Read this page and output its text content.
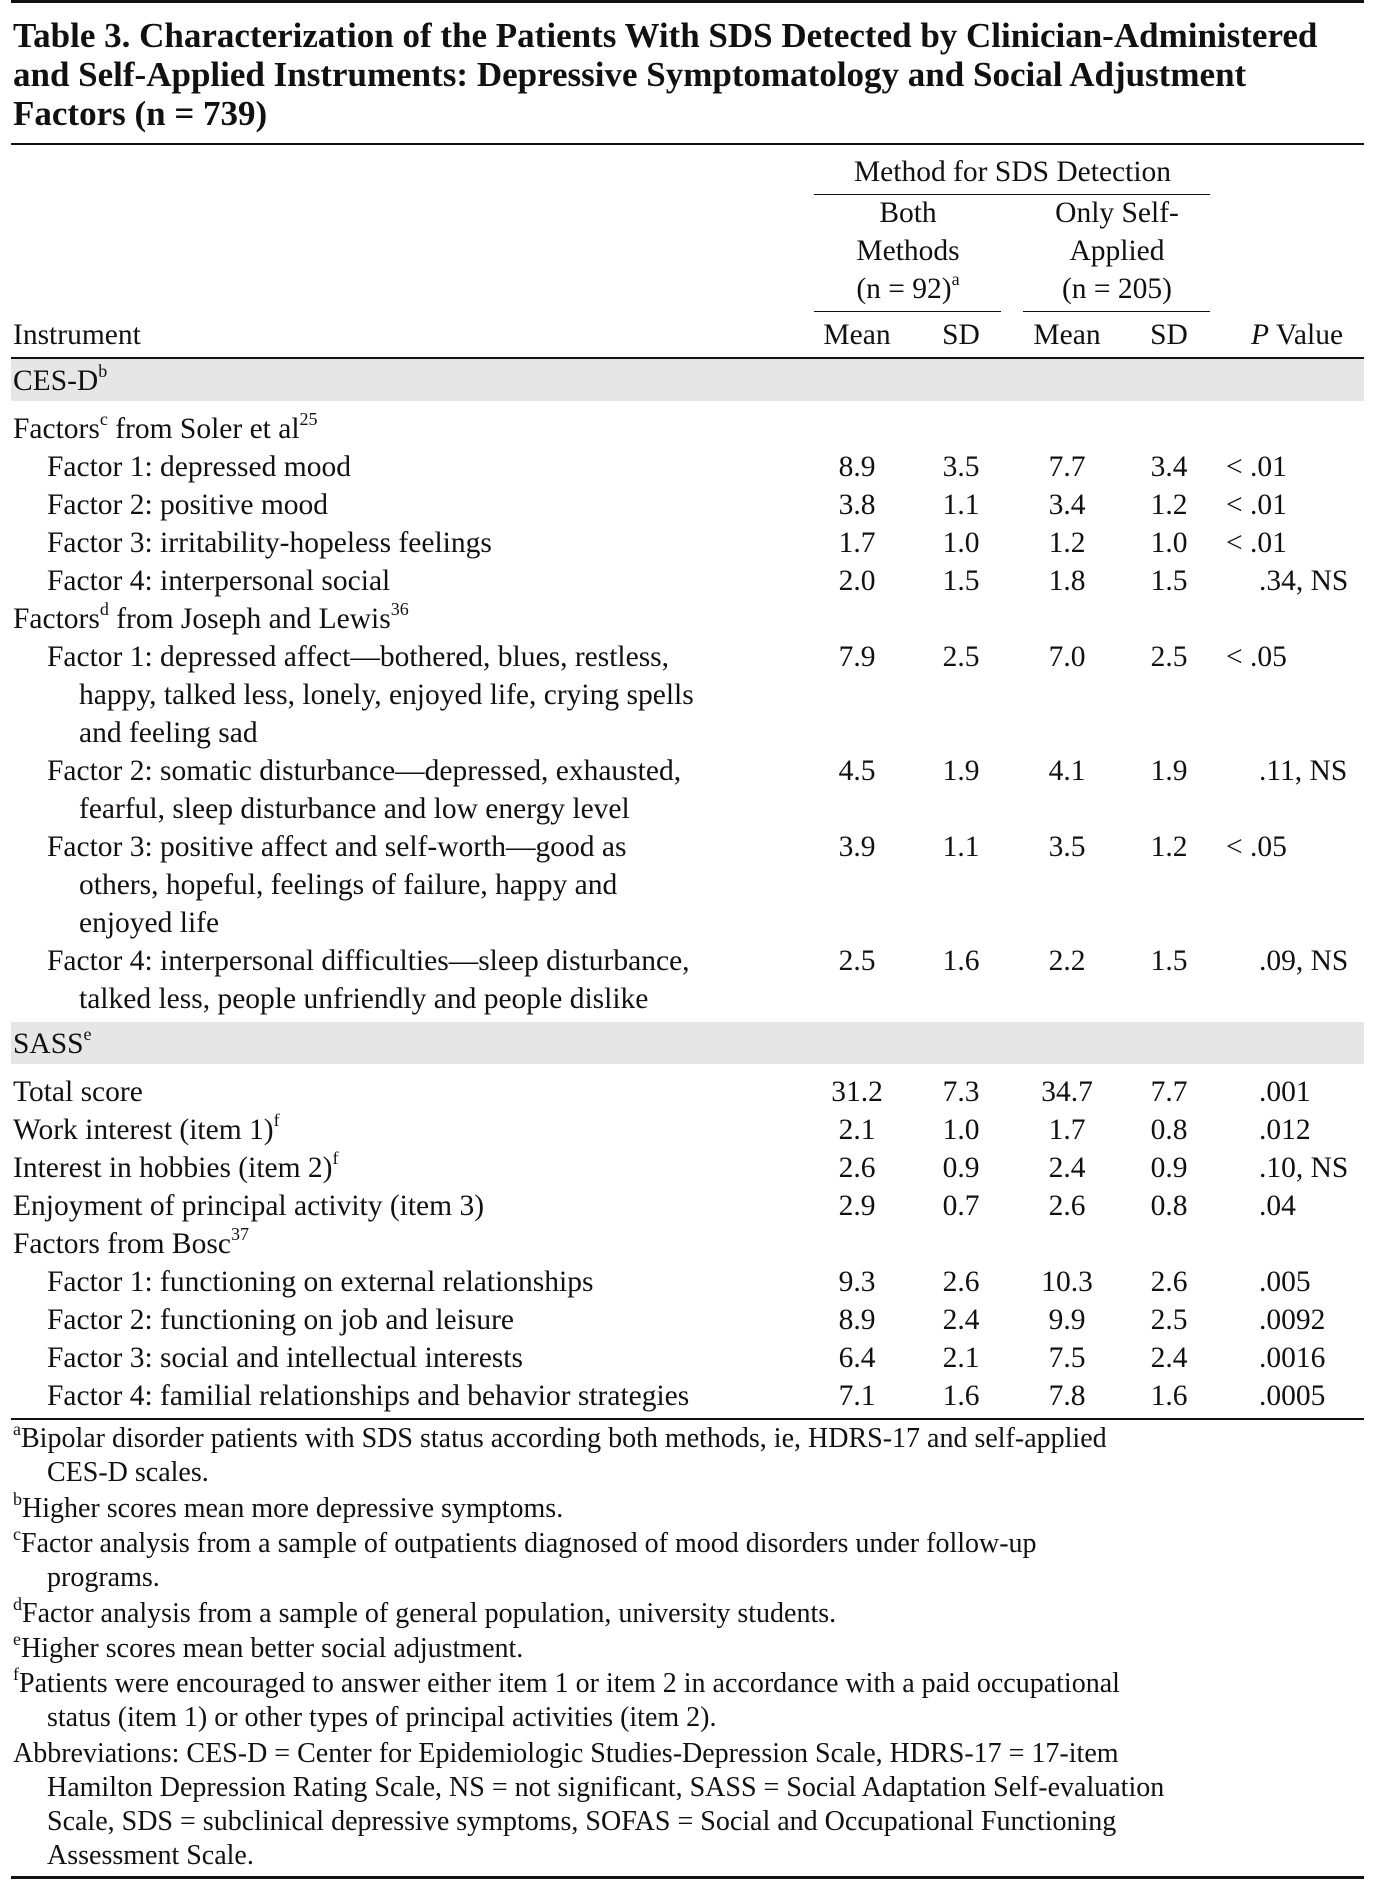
Table 3. Characterization of the Patients With SDS Detected by Clinician-Administered
and Self-Applied Instruments: Depressive Symptomatology and Social Adjustment
Factors (n = 739)
Method for SDS Detection
Both
Methods
(n = 92)$^a$
Only Self-
Applied
(n = 205)
Instrument	Mean	SD	Mean	SD	P Value
CES-$D^b$
Factors$^c$ from Soler et $al^{25}$
Factor 1: depressed mood	8.9	3.5	7.7	3.4	< .01
Factor 2: positive mood	3.8	1.1	3.4	1.2	< .01
Factor 3: irritability-hopeless feelings	1.7	1.0	1.2	1.0	< .01
Factor 4: interpersonal social	2.0	1.5	1.8	1.5	.34, NS
Factors$^d$ from Joseph and Lewis$^{36}$
Factor 1: depressed affect—bothered, blues, restless,	7.9	2.5	7.0	2.5	< .05
happy, talked less, lonely, enjoyed life, crying spells
and feeling sad
Factor 2: somatic disturbance—depressed, exhausted,	4.5	1.9	4.1	1.9	.11, NS
fearful, sleep disturbance and low energy level
Factor 3: positive affect and self-worth—good as	3.9	1.1	3.5	1.2	< .05
others, hopeful, feelings of failure, happy and
enjoyed life
Factor 4: interpersonal difficulties—sleep disturbance,	2.5	1.6	2.2	1.5	.09, NS
talked less, people unfriendly and people dislike
SASS$^e$
Total score	31.2	7.3	34.7	7.7	.001
Work interest (item 1)$^f$	2.1	1.0	1.7	0.8	.012
Interest in hobbies (item 2)$^f$	2.6	0.9	2.4	0.9	.10, NS
Enjoyment of principal activity (item 3)	2.9	0.7	2.6	0.8	.04
Factors from Bosc$^{37}$
Factor 1: functioning on external relationships	9.3	2.6	10.3	2.6	.005
Factor 2: functioning on job and leisure	8.9	2.4	9.9	2.5	.0092
Factor 3: social and intellectual interests	6.4	2.1	7.5	2.4	.0016
Factor 4: familial relationships and behavior strategies	7.1	1.6	7.8	1.6	.0005
$^a$Bipolar disorder patients with SDS status according both methods, ie, HDRS-17 and self-applied
CES-D scales.
$^b$Higher scores mean more depressive symptoms.
$^c$Factor analysis from a sample of outpatients diagnosed of mood disorders under follow-up
programs.
$^d$Factor analysis from a sample of general population, university students.
$^e$Higher scores mean better social adjustment.
$^f$Patients were encouraged to answer either item 1 or item 2 in accordance with a paid occupational
status (item 1) or other types of principal activities (item 2).
Abbreviations: CES-D = Center for Epidemiologic Studies-Depression Scale, HDRS-17 = 17-item
Hamilton Depression Rating Scale, NS = not significant, SASS = Social Adaptation Self-evaluation
Scale, SDS = subclinical depressive symptoms, SOFAS = Social and Occupational Functioning
Assessment Scale.
